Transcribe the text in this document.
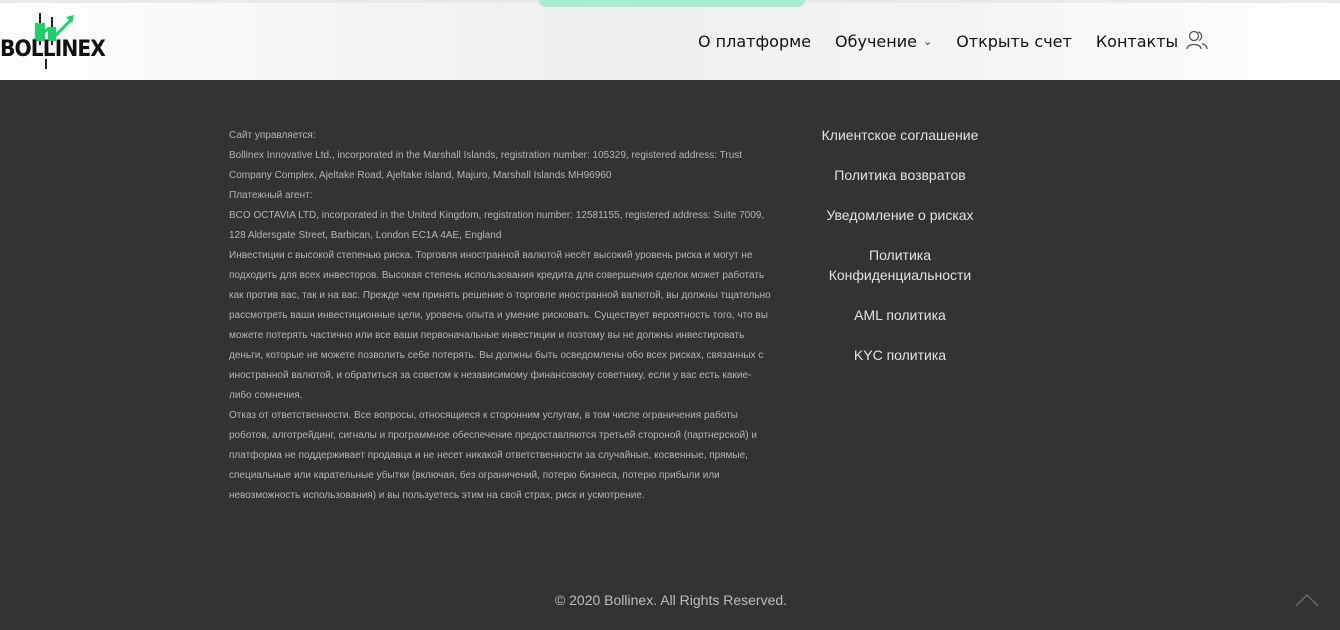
BOLLINEX	О платформе Обучение ⌄ Открыть счет Контакты

Сайт управляется:

Bollinex Innovative Ltd., incorporated in the Marshall Islands, registration number: 105329, registered address: Trust Company Complex, Ajeltake Road, Ajeltake Island, Majuro, Marshall Islands MH96960

Платежный агент:

BCO OCTAVIA LTD, incorporated in the United Kingdom, registration number: 12581155, registered address: Suite 7009, 128 Aldersgate Street, Barbican, London EC1A 4AE, England

Инвестиции с высокой степенью риска. Торговля иностранной валютой несёт высокий уровень риска и могут не подходить для всех инвесторов. Высокая степень использования кредита для совершения сделок может работать как против вас, так и на вас. Прежде чем принять решение о торговле иностранной валютой, вы должны тщательно рассмотреть ваши инвестиционные цели, уровень опыта и умение рисковать. Существует вероятность того, что вы можете потерять частично или все ваши первоначальные инвестиции и поэтому вы не должны инвестировать деньги, которые не можете позволить себе потерять. Вы должны быть осведомлены обо всех рисках, связанных с иностранной валютой, и обратиться за советом к независимому финансовому советнику, если у вас есть какие-либо сомнения.

Отказ от ответственности. Все вопросы, относящиеся к сторонним услугам, в том числе ограничения работы роботов, алготрейдинг, сигналы и программное обеспечение предоставляются третьей стороной (партнерской) и платформа не поддерживает продавца и не несет никакой ответственности за случайные, косвенные, прямые, специальные или карательные убытки (включая, без ограничений, потерю бизнеса, потерю прибыли или невозможность использования) и вы пользуетесь этим на свой страх, риск и усмотрение.

Клиентское соглашение
Политика возвратов
Уведомление о рисках
Политика Конфиденциальности
AML политика
KYC политика
© 2020 Bollinex. All Rights Reserved.
